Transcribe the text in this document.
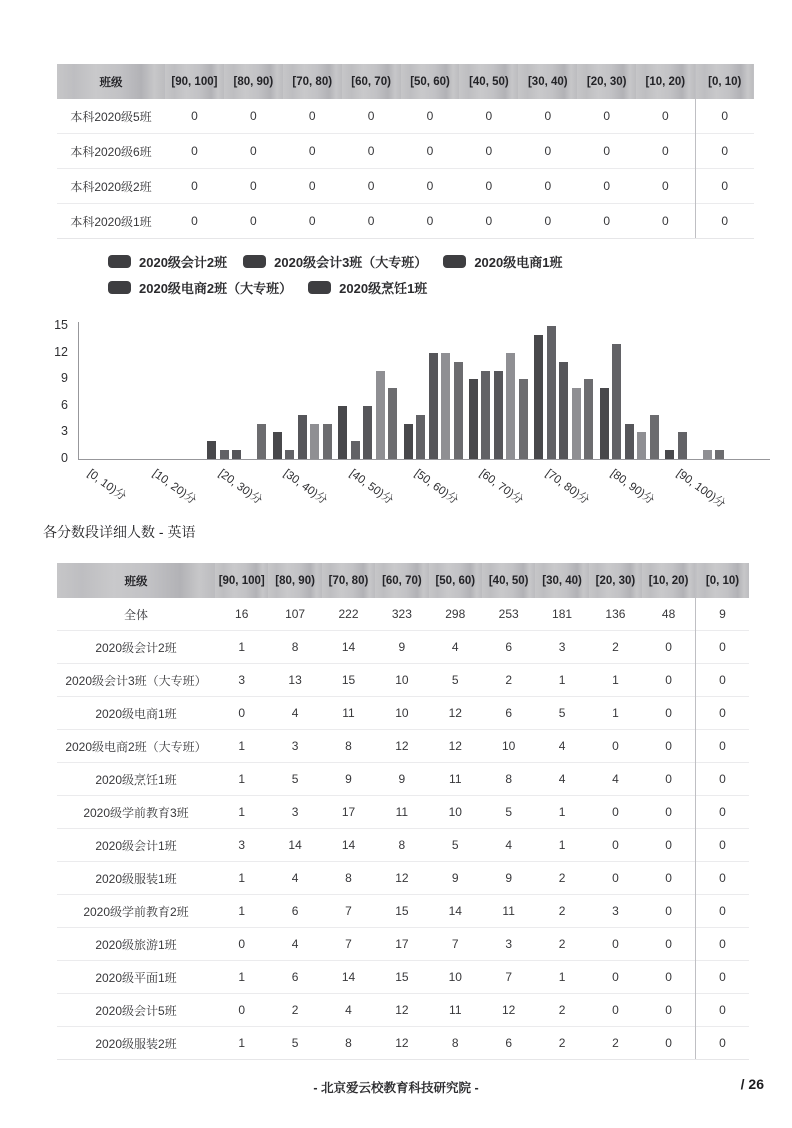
班级	[90, 100]	[80, 90)	[70, 80)	[60, 70)	[50, 60)	[40, 50)	[30, 40)	[20, 30)	[10, 20)	[0, 10)
本科2020级5班	0	0	0	0	0	0	0	0	0	0
本科2020级6班	0	0	0	0	0	0	0	0	0	0
本科2020级2班	0	0	0	0	0	0	0	0	0	0
本科2020级1班	0	0	0	0	0	0	0	0	0	0
2020级会计2班	2020级会计3班（大专班）	2020级电商1班
2020级电商2班（大专班）	2020级烹饪1班
0
3
6
9
12
15
[0, 10)分 [10, 20)分 [20, 30)分 [30, 40)分 [40, 50)分 [50, 60)分 [60, 70)分 [70, 80)分 [80, 90)分 [90, 100)分
各分数段详细人数 - 英语
班级	[90, 100]	[80, 90)	[70, 80)	[60, 70)	[50, 60)	[40, 50)	[30, 40)	[20, 30)	[10, 20)	[0, 10)
全体	16	107	222	323	298	253	181	136	48	9
2020级会计2班	1	8	14	9	4	6	3	2	0	0
2020级会计3班（大专班）	3	13	15	10	5	2	1	1	0	0
2020级电商1班	0	4	11	10	12	6	5	1	0	0
2020级电商2班（大专班）	1	3	8	12	12	10	4	0	0	0
2020级烹饪1班	1	5	9	9	11	8	4	4	0	0
2020级学前教育3班	1	3	17	11	10	5	1	0	0	0
2020级会计1班	3	14	14	8	5	4	1	0	0	0
2020级服装1班	1	4	8	12	9	9	2	0	0	0
2020级学前教育2班	1	6	7	15	14	11	2	3	0	0
2020级旅游1班	0	4	7	17	7	3	2	0	0	0
2020级平面1班	1	6	14	15	10	7	1	0	0	0
2020级会计5班	0	2	4	12	11	12	2	0	0	0
2020级服装2班	1	5	8	12	8	6	2	2	0	0
- 北京爱云校教育科技研究院 -	/ 26
